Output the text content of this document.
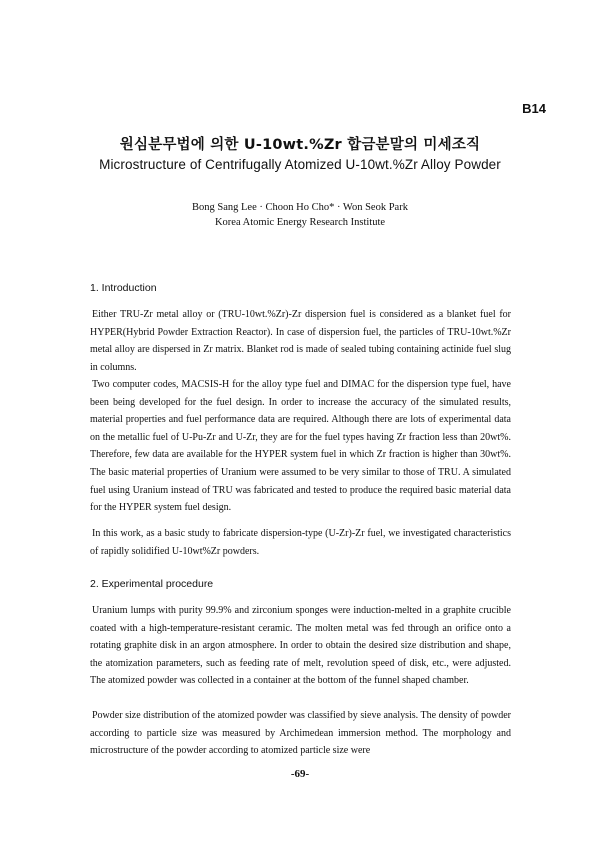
B14
원심분무법에 의한 U-10wt.%Zr 합금분말의 미세조직
Microstructure of Centrifugally Atomized U-10wt.%Zr Alloy Powder
Bong Sang Lee · Choon Ho Cho* · Won Seok Park
Korea Atomic Energy Research Institute
1. Introduction
Either TRU-Zr metal alloy or (TRU-10wt.%Zr)-Zr dispersion fuel is considered as a blanket fuel for HYPER(Hybrid Powder Extraction Reactor). In case of dispersion fuel, the particles of TRU-10wt.%Zr metal alloy are dispersed in Zr matrix. Blanket rod is made of sealed tubing containing actinide fuel slug in columns.
Two computer codes, MACSIS-H for the alloy type fuel and DIMAC for the dispersion type fuel, have been being developed for the fuel design. In order to increase the accuracy of the simulated results, material properties and fuel performance data are required. Although there are lots of experimental data on the metallic fuel of U-Pu-Zr and U-Zr, they are for the fuel types having Zr fraction less than 20wt%. Therefore, few data are available for the HYPER system fuel in which Zr fraction is higher than 30wt%. The basic material properties of Uranium were assumed to be very similar to those of TRU. A simulated fuel using Uranium instead of TRU was fabricated and tested to produce the required basic material data for the HYPER system fuel design.
In this work, as a basic study to fabricate dispersion-type (U-Zr)-Zr fuel, we investigated characteristics of rapidly solidified U-10wt%Zr powders.
2. Experimental procedure
Uranium lumps with purity 99.9% and zirconium sponges were induction-melted in a graphite crucible coated with a high-temperature-resistant ceramic. The molten metal was fed through an orifice onto a rotating graphite disk in an argon atmosphere. In order to obtain the desired size distribution and shape, the atomization parameters, such as feeding rate of melt, revolution speed of disk, etc., were adjusted. The atomized powder was collected in a container at the bottom of the funnel shaped chamber.
Powder size distribution of the atomized powder was classified by sieve analysis. The density of powder according to particle size was measured by Archimedean immersion method. The morphology and microstructure of the powder according to atomized particle size were
-69-
